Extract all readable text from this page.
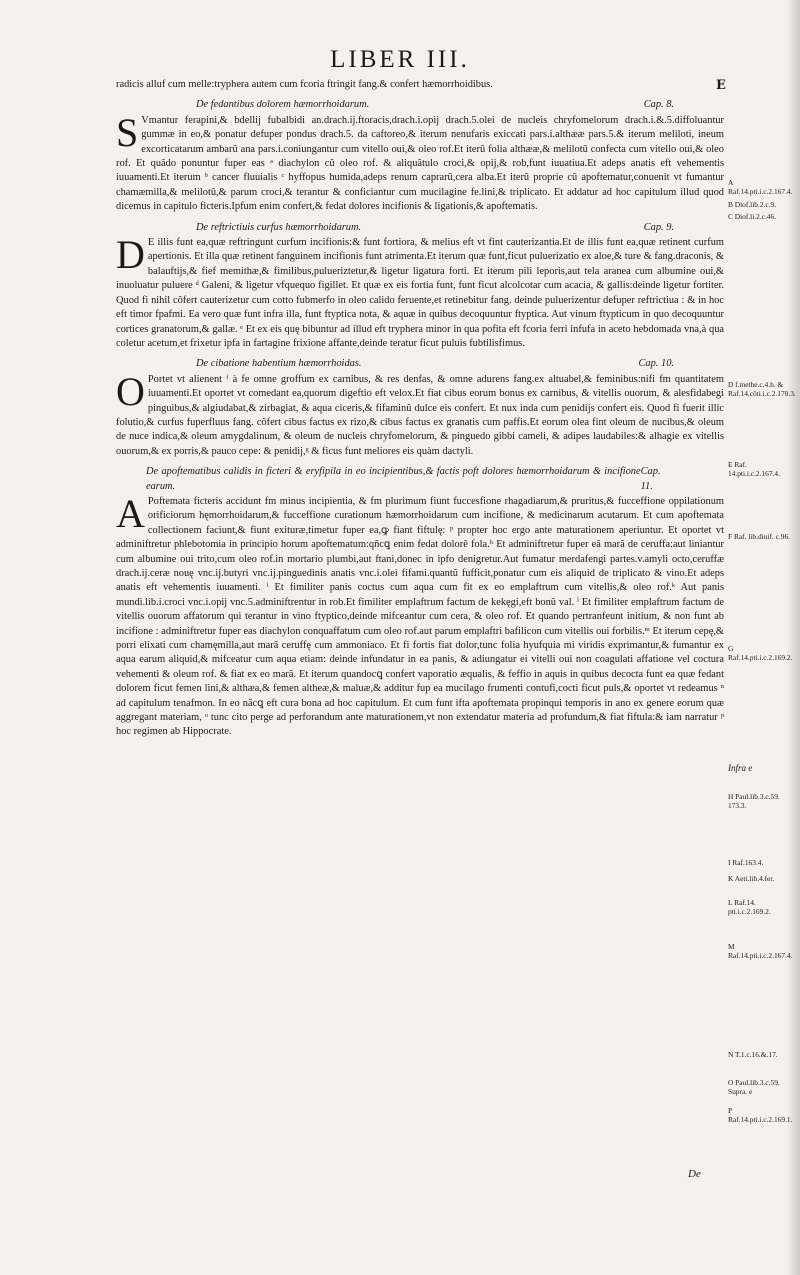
LIBER III.
E

radicis alluf cum melle:tryphera autem cum fcoria ftringit fang.& confert hæmorrhoidibus.

De fedantibus dolorem hæmorrhoidarum.	Cap. 8.

S Vmantur ferapini,& bdellij fubalbidi an.drach.ij.ftoracis,drach.i.opij drach.5.olei de nucleis chryfomelorum drach.i.&.5.diffoluantur gummæ in eo,& ponatur defuper pondus drach.5. da caftoreo,& iterum nenufaris exiccati pars.i.althææ pars.5.& iterum meliloti, ineum excorticatarum ambarũ ana pars.i.coniungantur cum vitello oui,& oleo rof.Et iterũ folia althææ,& melilotũ confecta cum vitello oui,& oleo rof. Et quãdo ponuntur fuper eas ᵃ diachylon cũ oleo rof. & aliquãtulo croci,& opij,& rob,funt iuuatiua.Et adeps anatis eft vehementis iuuamenti.Et iterum ᵇ cancer fluuialis ᶜ hyffopus humida,adeps renum caprarũ,cera alba.Et iterũ proprie cũ apoftematur,conuenit vt fumantur chamæmilla,& melilotũ,& parum croci,& terantur & conficiantur cum mucilagine fe.lini,& triplicato. Et addatur ad hoc capitulum illud quod dicemus in capitulo ficteris.Ipfum enim confert,& fedat dolores incifionis & ligationis,& apoftematis.

De reftrictiuis curfus hæmorrhoidarum.	Cap. 9.

D E illis funt ea,quæ reftringunt curfum incifionis:& funt fortiora, & melius eft vt fint cauterizantia.Et de illis funt ea,quæ retinent curfum apertionis. Et illa quæ retinent fanguinem incifionis funt atrimenta.Et iterum quæ funt,ficut puluerizatio ex aloe,& ture & fang.draconis, & balauftijs,& fief memithæ,& fimilibus,pulueriztetur,& ligetur ligatura forti. Et iterum pili leporis,aut tela aranea cum albumine oui,& inuoluatur puluere ᵈ Galeni, & ligetur vfquequo figillet. Et quæ ex eis fortia funt, funt ficut alcolcotar cum acacia, & gallis:deinde ligetur fortiter. Quod fi nihil cõfert cauterizetur cum cotto fubmerfo in oleo calido feruente,et retinebitur fang. deinde puluerizentur defuper reftrictiua : & in hoc eft timor fpafmi. Ea vero quæ funt infra illa, funt ftyptica nota, & aquæ in quibus decoquuntur ftyptica. Aut vinum ftypticum in quo decoquuntur cortices granatorum,& gallæ. ᵉ Et ex eis quę bibuntur ad illud eft tryphera minor in qua pofita eft fcoria ferri infufa in aceto hebdomada vna,à qua coletur acetum,et frixetur ipfa in fartagine frixione affante,deinde teratur ficut puluis fubtilisfimus.

De cibatione habentium hæmorrhoidas.	Cap. 10.

O Portet vt alienent ᶠ à fe omne groffum ex carnibus, & res denfas, & omne adurens fang.ex altuabel,& feminibus:nifi fm quantitatem iuuamenti.Et oportet vt comedant ea,quorum digeftio eft velox.Et fiat cibus eorum bonus ex carnibus, & vitellis ouorum, & alesfidabegi pinguibus,& algiudabat,& zirbagiat, & aqua ciceris,& fifaminũ dulce eis confert. Et nux inda cum penidijs confert eis. Quod fi fuerit illic folutio,& curfus fuperfluus fang. cõfert cibus factus ex rizo,& cibus factus ex granatis cum paffis.Et eorum olea fint oleum de nucibus,& oleum de nuce indica,& oleum amygdalinum, & oleum de nucleis chryfomelorum, & pinguedo gibbi cameli, & adipes laudabiles:& alhagie ex vitellis ouorum,& ex porris,& pauco cepe: & penidij,ᵍ & ficus funt meliores eis quàm dactyli.

De apoftematibus calidis in ficteri & eryfipila in eo incipientibus,& factis poft dolores hæmorrhoidarum & incifione earum.
Cap. 11.

A Poftemata ficteris accidunt fm minus incipientia, & fm plurimum fiunt fuccesfione rhagadiarum,& pruritus,& fucceffione oppilationum orificiorum hęmorrhoidarum,& fucceffione curationum hæmorrhoidarum cum incifione, & medicinarum acutarum. Et cum apoftemata collectionem faciunt,& fiunt exituræ,timetur fuper ea,ꝙ fiant fiftulę: ᵖ propter hoc ergo ante maturationem aperiuntur. Et oportet vt adminiftretur phlebotomia in principio horum apoftematum:qñcꝗ enim fedat dolorẽ fola.ʰ Et adminiftretur fuper eã marã de ceruffa:aut liniantur cum albumine oui trito,cum oleo rof.in mortario plumbi,aut ftani,donec in ipfo denigretur.Aut fumatur merdafengi partes.v.amyli octo,ceruffæ drach.ij.ceræ nouę vnc.ij.butyri vnc.ij.pinguedinis anatis vnc.i.olei fifami.quantũ fufficit,ponatur cum eis aliquid de triplicato & vino.Et adeps anatis eft vehementis iuuamenti. ⁱ Et fimiliter panis coctus cum aqua cum fit ex eo emplaftrum cum vitellis,& oleo rof.ᵏ Aut panis mundi.lib.i.croci vnc.i.opij vnc.5.adminiftrentur in rob.Et fimiliter emplaftrum factum de kekęgi,eft bonũ val. ˡ Et fimiliter emplaftrum factum de vitellis ouorum affatorum qui terantur in vino ftyptico,deinde mifceantur cum cera, & oleo rof. Et quando pertranfeunt initium, & non funt ab incifione : adminiftretur fuper eas diachylon conquaffatum cum oleo rof.aut parum emplaftri bafilicon cum vitellis oui forbilis.ᵐ Et iterum cepę,& porri elixati cum chamęmilla,aut marã ceruffę cum ammoniaco. Et fi fortis fiat dolor,tunc folia hyufquia mi viridis exprimantur,& fumantur ex aqua earum aliquid,& mifceatur cum aqua etiam: deinde infundatur in ea panis, & adiungatur ei vitelli oui non coagulati affatione vel coctura vehementi & oleum rof. & fiat ex eo marã. Et iterum quandocꝗ confert vaporatio æqualis, & feffio in aquis in quibus decocta funt ea quæ fedant dolorem ficut femen lini,& althæa,& femen altheæ,& maluæ,& additur fup ea mucilago frumenti contufi,cocti ficut puls,& oportet vt redeamus ⁿ ad capitulum tenafmon. In eo nãcꝗ eft cura bona ad hoc capitulum. Et cum funt ifta apoftemata propinqui temporis in ano ex genere eorum quæ aggregant materiam, ᵒ tunc cito perge ad perforandum ante maturationem,vt non extendatur materia ad profundum,& fiat fiftula:& iam narratur ᵖ hoc regimen ab Hippocrate.

A Raf.14.pti.i.c.2.167.4.
B Diof.lib.2.c.9.
C Diof.li.2.c.46.
D f.methe.c.4.h. & Raf.14.cõti.i.c.2.170.3.
E Raf. 14.pti.i.c.2.167.4.
F Raf. lib.diuif. c.96.
G Raf.14.pti.i.c.2.169.2.
Infra e
H Paul.lib.3.c.59. 173.3.
I Raf.163.4.
K Aeti.lib.4.fer.
L Raf.14. pti.i.c.2.169.2.
M Raf.14.pti.i.c.2.167.4.
N T.1.c.16.&.17.
O Paul.lib.3.c.59. Supra. e
P Raf.14.pti.i.c.2.169.1.
De
